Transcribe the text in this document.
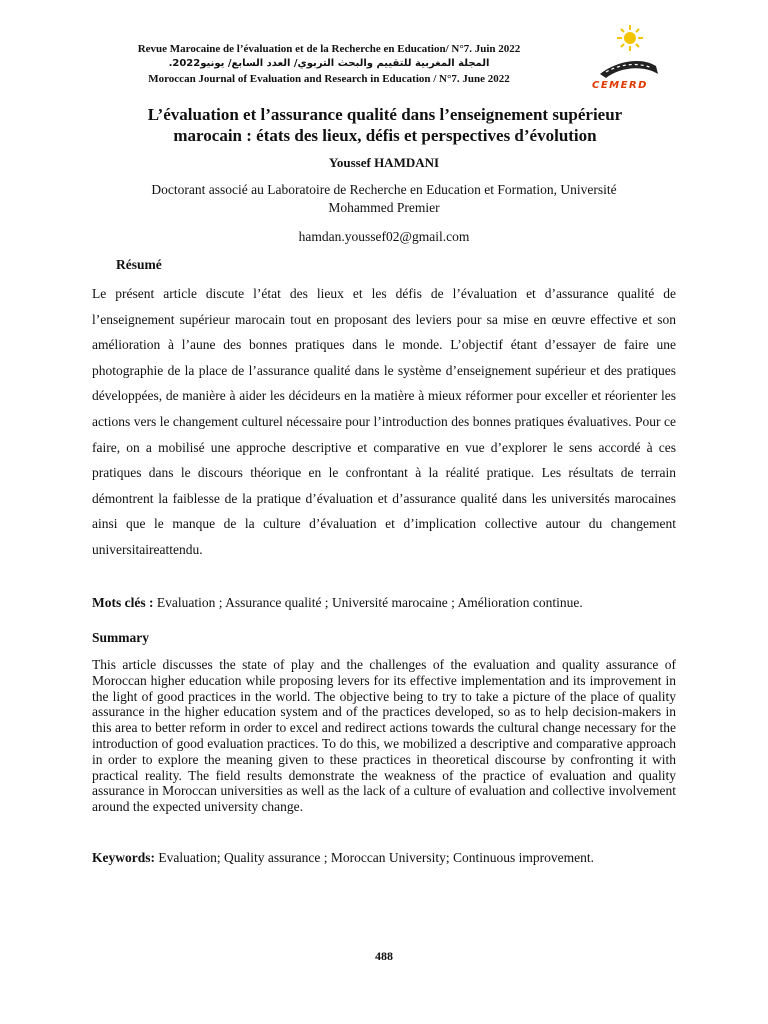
Revue Marocaine de l’évaluation et de la Recherche en Education/ N°7. Juin 2022
المجلة المغربية للتقييم والبحث التربوي/ العدد السابع/ يونيو2022.
Moroccan Journal of Evaluation and Research in Education / N°7. June 2022
CEMERD
L’évaluation et l’assurance qualité dans l’enseignement supérieur
marocain : états des lieux, défis et perspectives d’évolution
Youssef HAMDANI
Doctorant associé au Laboratoire de Recherche en Education et Formation, Université
Mohammed Premier
hamdan.youssef02@gmail.com
Résumé
Le présent article discute l’état des lieux et les défis de l’évaluation et d’assurance qualité de l’enseignement supérieur marocain tout en proposant des leviers pour sa mise en œuvre effective et son amélioration à l’aune des bonnes pratiques dans le monde. L’objectif étant d’essayer de faire une photographie de la place de l’assurance qualité dans le système d’enseignement supérieur et des pratiques développées, de manière à aider les décideurs en la matière à mieux réformer pour exceller et réorienter les actions vers le changement culturel nécessaire pour l’introduction des bonnes pratiques évaluatives. Pour ce faire, on a mobilisé une approche descriptive et comparative en vue d’explorer le sens accordé à ces pratiques dans le discours théorique en le confrontant à la réalité pratique. Les résultats de terrain démontrent la faiblesse de la pratique d’évaluation et d’assurance qualité dans les universités marocaines ainsi que le manque de la culture d’évaluation et d’implication collective autour du changement universitaireattendu.
Mots clés : Evaluation ; Assurance qualité ; Université marocaine ; Amélioration continue.
Summary
This article discusses the state of play and the challenges of the evaluation and quality assurance of Moroccan higher education while proposing levers for its effective implementation and its improvement in the light of good practices in the world. The objective being to try to take a picture of the place of quality assurance in the higher education system and of the practices developed, so as to help decision-makers in this area to better reform in order to excel and redirect actions towards the cultural change necessary for the introduction of good evaluation practices. To do this, we mobilized a descriptive and comparative approach in order to explore the meaning given to these practices in theoretical discourse by confronting it with practical reality. The field results demonstrate the weakness of the practice of evaluation and quality assurance in Moroccan universities as well as the lack of a culture of evaluation and collective involvement around the expected university change.
Keywords: Evaluation; Quality assurance ; Moroccan University; Continuous improvement.
488
